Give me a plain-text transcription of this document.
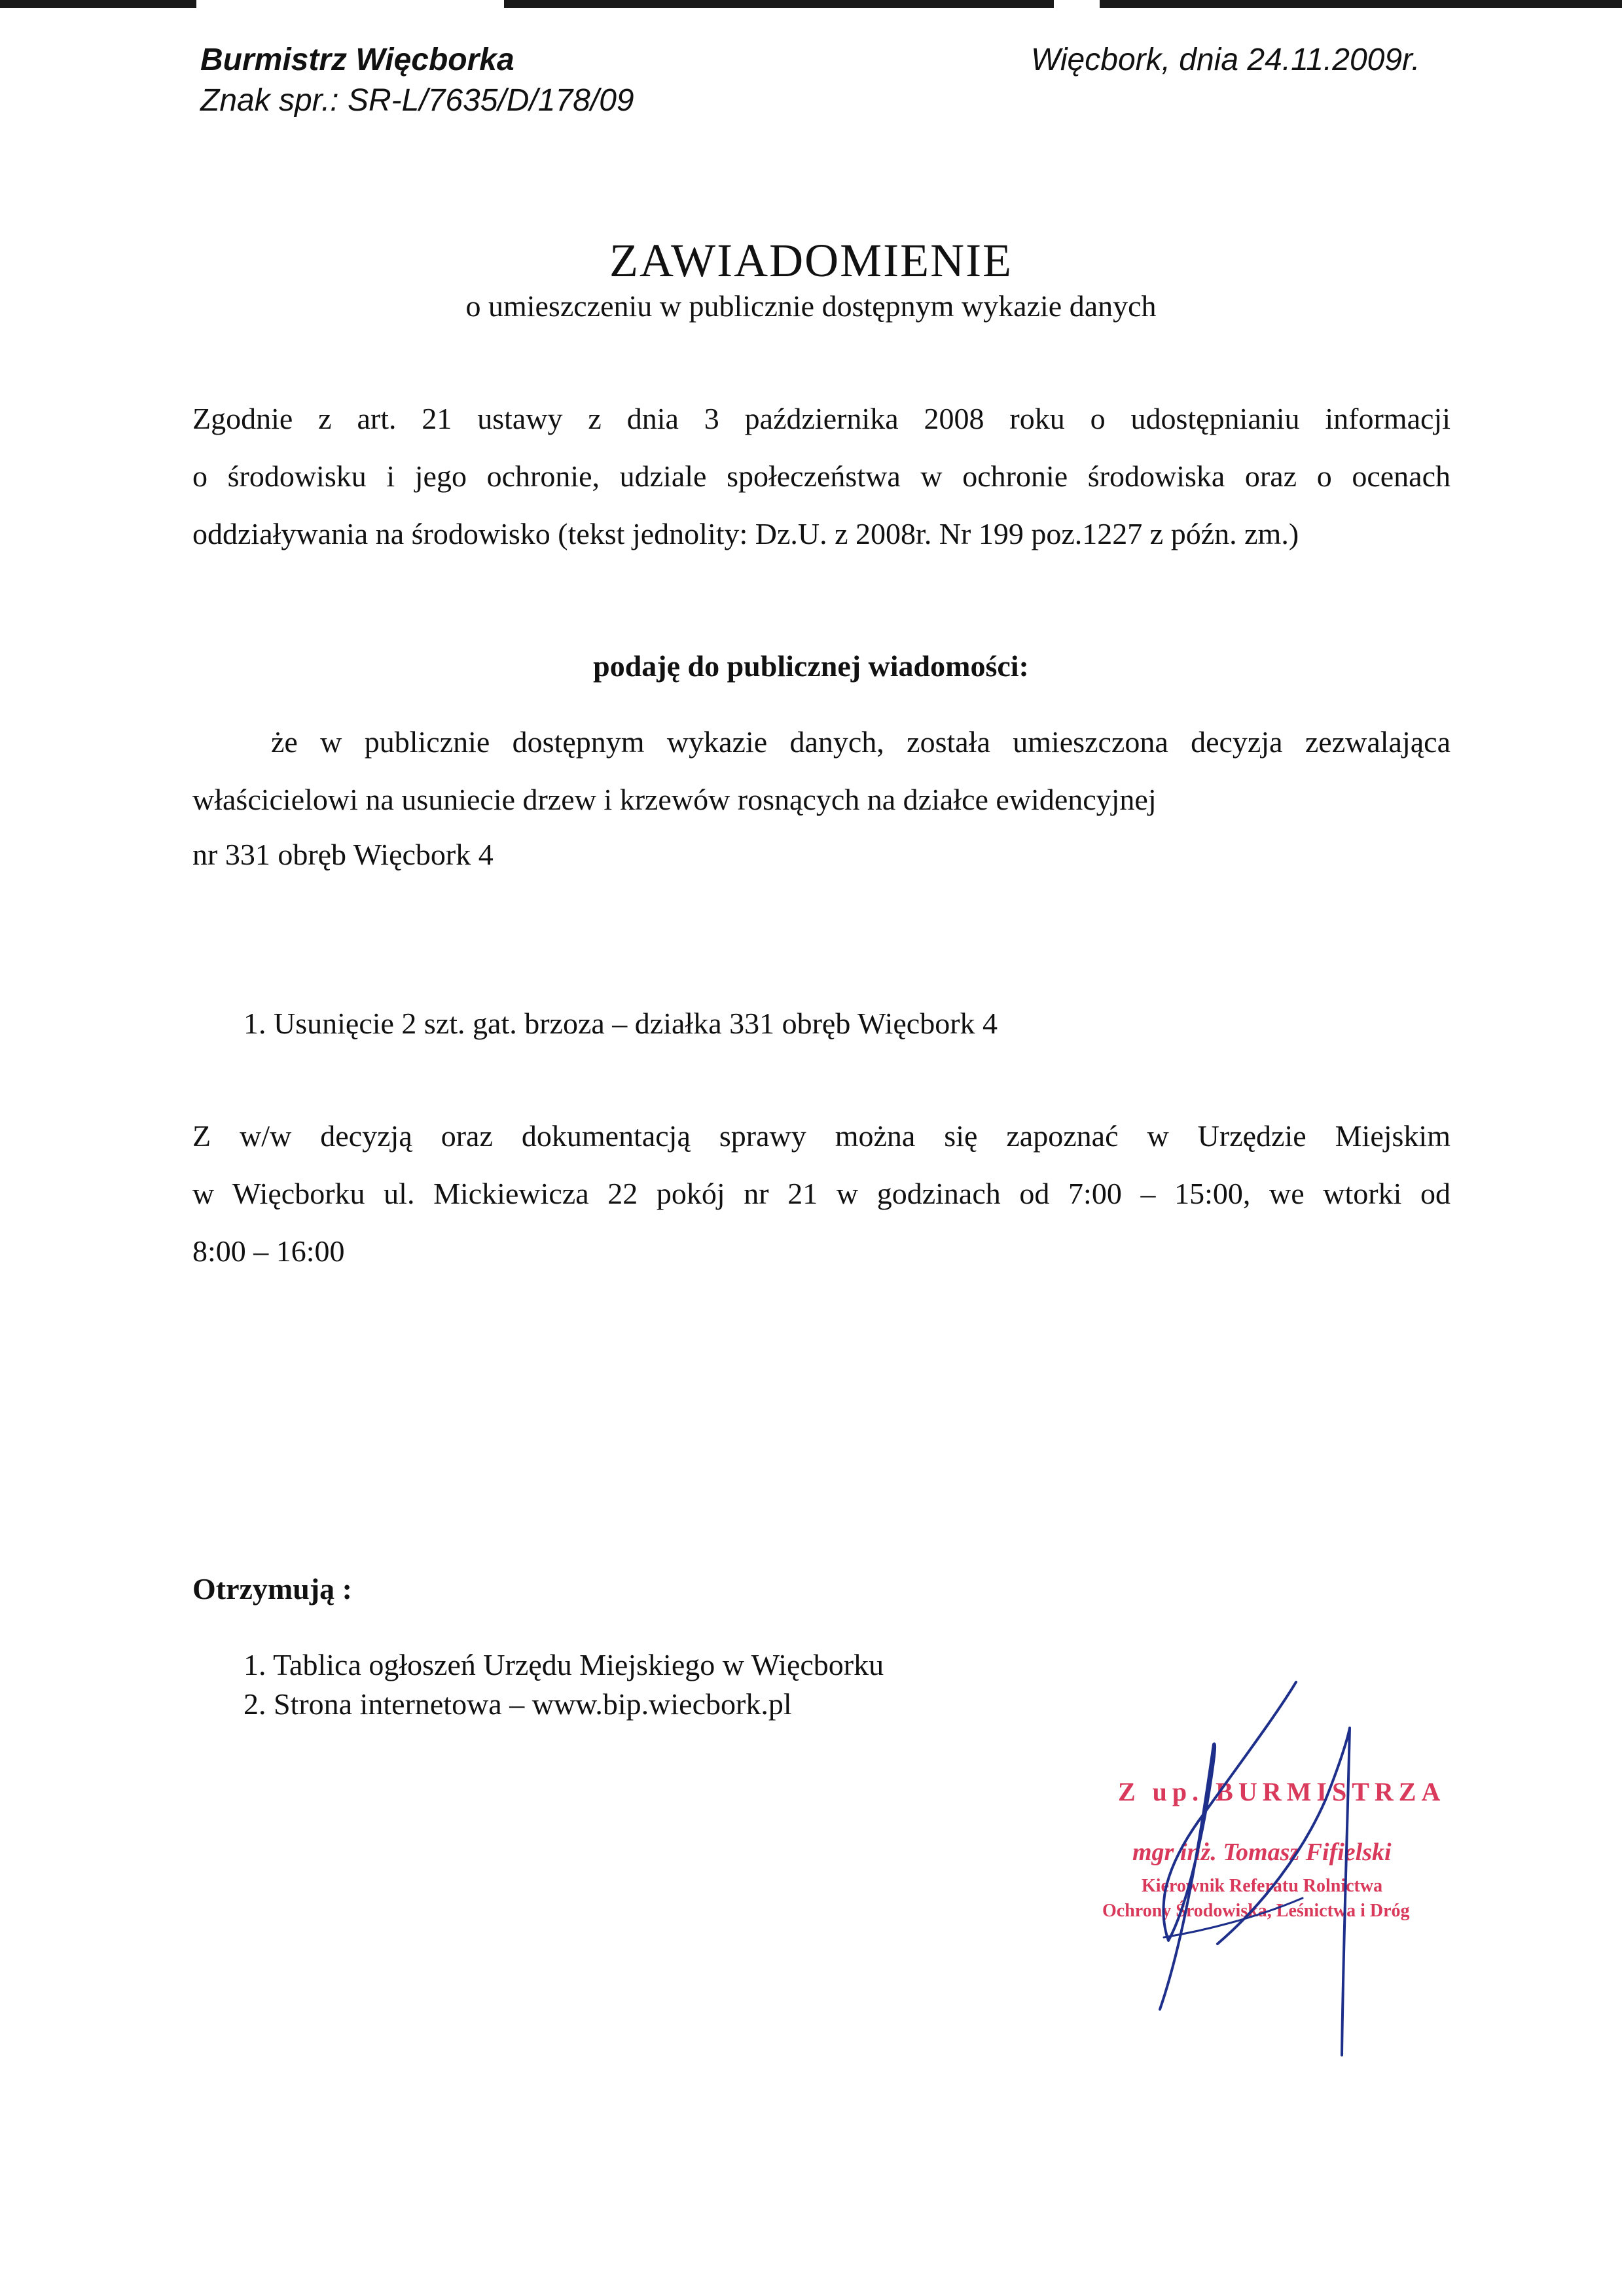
Burmistrz Więcborka
Znak spr.: SR-L/7635/D/178/09
Więcbork, dnia 24.11.2009r.
ZAWIADOMIENIE
o umieszczeniu w publicznie dostępnym wykazie danych
Zgodnie z art. 21 ustawy z dnia 3 października 2008 roku o udostępnianiu informacji
o środowisku i jego ochronie, udziale społeczeństwa w ochronie środowiska oraz o ocenach
oddziaływania na środowisko (tekst jednolity: Dz.U. z 2008r. Nr 199 poz.1227 z późn. zm.)
podaję do publicznej wiadomości:
że w publicznie dostępnym wykazie danych, została umieszczona decyzja zezwalająca
właścicielowi na usuniecie drzew i krzewów rosnących na działce ewidencyjnej
nr 331 obręb Więcbork 4
1. Usunięcie 2 szt. gat. brzoza – działka 331 obręb Więcbork 4
Z w/w decyzją oraz dokumentacją sprawy można się zapoznać w Urzędzie Miejskim
w Więcborku ul. Mickiewicza 22 pokój nr 21 w godzinach od 7:00 – 15:00, we wtorki od
8:00 – 16:00
Otrzymują :
1. Tablica ogłoszeń Urzędu Miejskiego w Więcborku
2. Strona internetowa – www.bip.wiecbork.pl
Z up. BURMISTRZA
mgr inż. Tomasz Fifielski
Kierownik Referatu Rolnictwa
Ochrony Środowiska, Leśnictwa i Dróg
